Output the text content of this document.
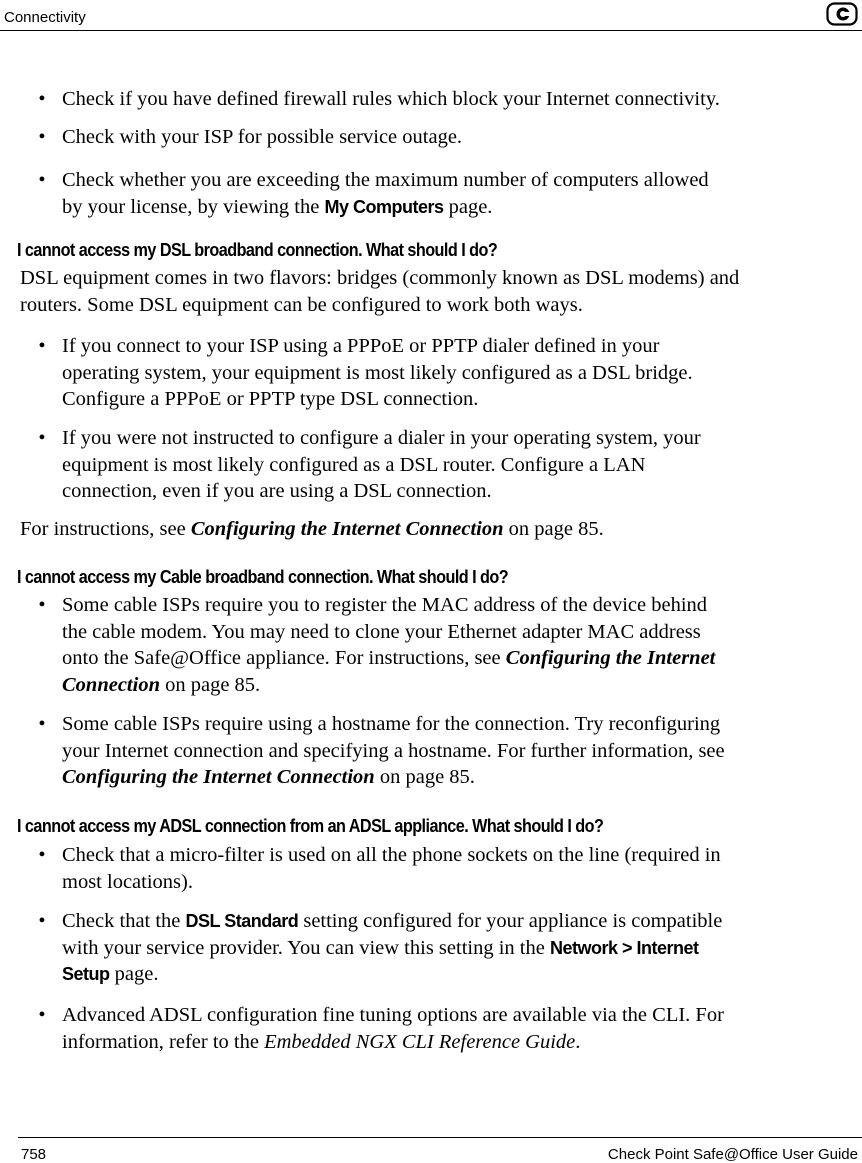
Connectivity
• Check if you have defined firewall rules which block your Internet connectivity.
• Check with your ISP for possible service outage.
• Check whether you are exceeding the maximum number of computers allowed
by your license, by viewing the My Computers page.
I cannot access my DSL broadband connection. What should I do?
DSL equipment comes in two flavors: bridges (commonly known as DSL modems) and
routers. Some DSL equipment can be configured to work both ways.
• If you connect to your ISP using a PPPoE or PPTP dialer defined in your
operating system, your equipment is most likely configured as a DSL bridge.
Configure a PPPoE or PPTP type DSL connection.
• If you were not instructed to configure a dialer in your operating system, your
equipment is most likely configured as a DSL router. Configure a LAN
connection, even if you are using a DSL connection.
For instructions, see Configuring the Internet Connection on page 85.
I cannot access my Cable broadband connection. What should I do?
• Some cable ISPs require you to register the MAC address of the device behind
the cable modem. You may need to clone your Ethernet adapter MAC address
onto the Safe@Office appliance. For instructions, see Configuring the Internet
Connection on page 85.
• Some cable ISPs require using a hostname for the connection. Try reconfiguring
your Internet connection and specifying a hostname. For further information, see
Configuring the Internet Connection on page 85.
I cannot access my ADSL connection from an ADSL appliance. What should I do?
• Check that a micro-filter is used on all the phone sockets on the line (required in
most locations).
• Check that the DSL Standard setting configured for your appliance is compatible
with your service provider. You can view this setting in the Network > Internet
Setup page.
• Advanced ADSL configuration fine tuning options are available via the CLI. For
information, refer to the Embedded NGX CLI Reference Guide.
758	Check Point Safe@Office User Guide
